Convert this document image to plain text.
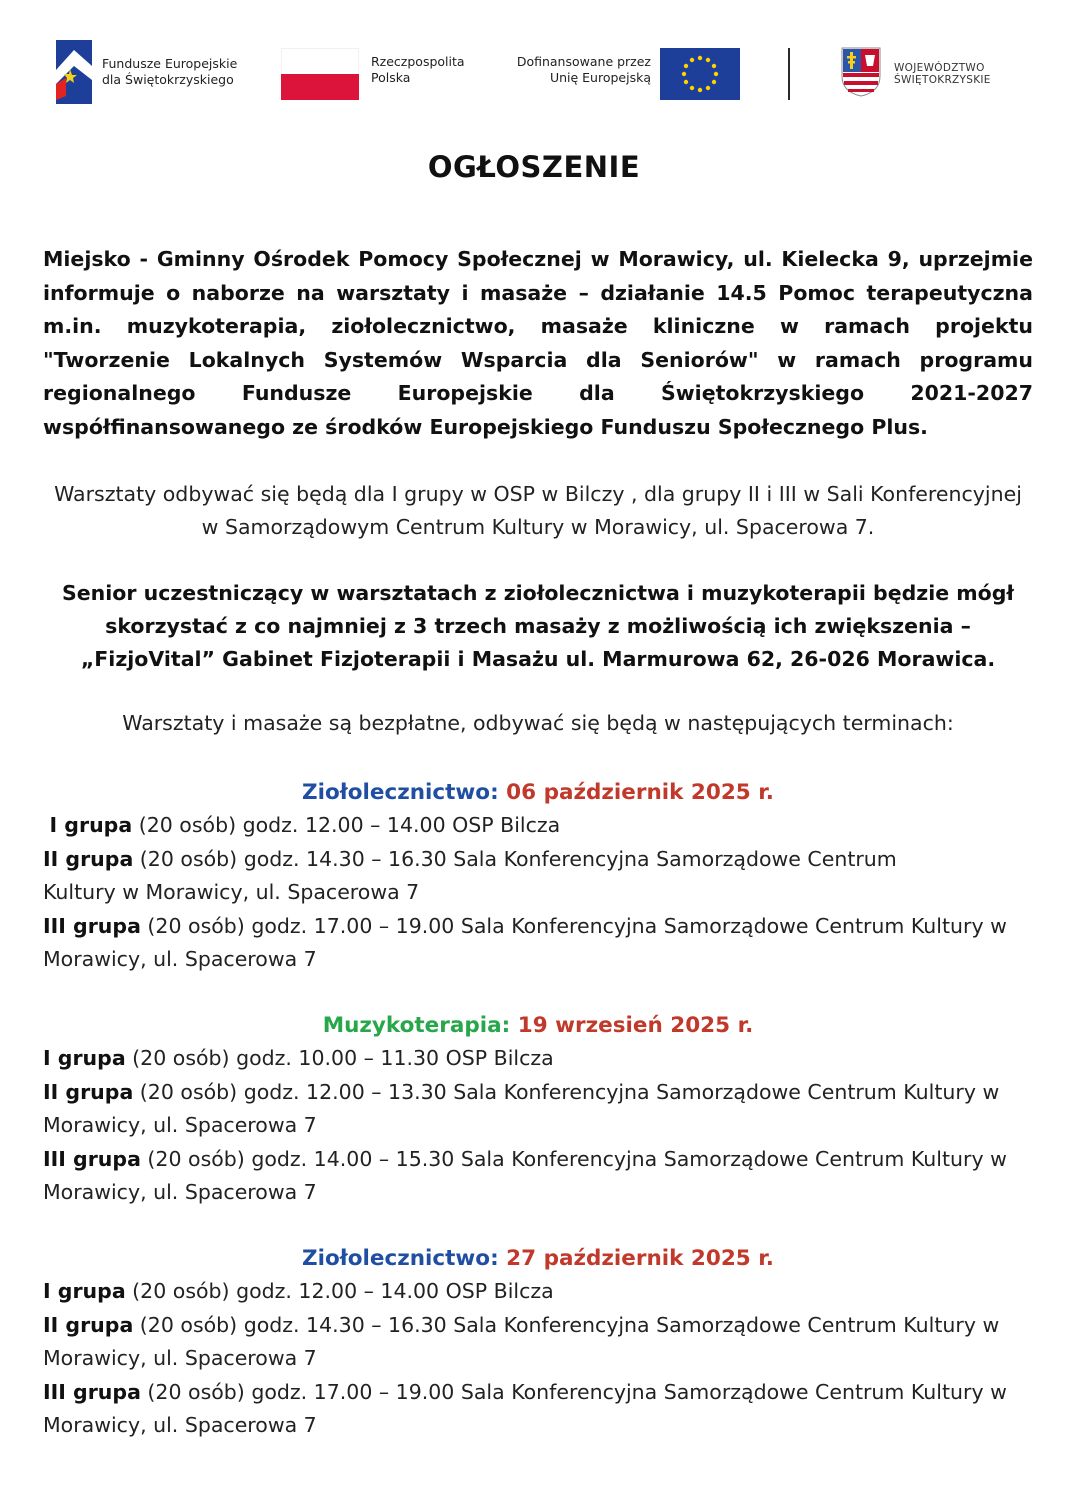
Fundusze Europejskie
dla Świętokrzyskiego
Rzeczpospolita
Polska
Dofinansowane przez
Unię Europejską
WOJEWÓDZTWO
ŚWIĘTOKRZYSKIE
OGŁOSZENIE

Miejsko - Gminny Ośrodek Pomocy Społecznej w Morawicy, ul. Kielecka 9, uprzejmie informuje o naborze na warsztaty i masaże – działanie 14.5 Pomoc terapeutyczna m.in. muzykoterapia, ziołolecznictwo, masaże kliniczne w ramach projektu "Tworzenie Lokalnych Systemów Wsparcia dla Seniorów" w ramach programu regionalnego Fundusze Europejskie dla Świętokrzyskiego 2021-2027 współfinansowanego ze środków Europejskiego Funduszu Społecznego Plus.

Warsztaty odbywać się będą dla I grupy w OSP w Bilczy , dla grupy II i III w Sali Konferencyjnej w Samorządowym Centrum Kultury w Morawicy, ul. Spacerowa 7.

Senior uczestniczący w warsztatach z ziołolecznictwa i muzykoterapii będzie mógł skorzystać z co najmniej z 3 trzech masaży z możliwością ich zwiększenia – „FizjoVital” Gabinet Fizjoterapii i Masażu ul. Marmurowa 62, 26-026 Morawica.

Warsztaty i masaże są bezpłatne, odbywać się będą w następujących terminach:

Ziołolecznictwo: 06 październik 2025 r.

I grupa (20 osób) godz. 12.00 – 14.00 OSP Bilcza

II grupa (20 osób) godz. 14.30 – 16.30 Sala Konferencyjna Samorządowe Centrum Kultury w Morawicy, ul. Spacerowa 7

III grupa (20 osób) godz. 17.00 – 19.00 Sala Konferencyjna Samorządowe Centrum Kultury w Morawicy, ul. Spacerowa 7

Muzykoterapia: 19 wrzesień 2025 r.

I grupa (20 osób) godz. 10.00 – 11.30 OSP Bilcza

II grupa (20 osób) godz. 12.00 – 13.30 Sala Konferencyjna Samorządowe Centrum Kultury w Morawicy, ul. Spacerowa 7

III grupa (20 osób) godz. 14.00 – 15.30 Sala Konferencyjna Samorządowe Centrum Kultury w Morawicy, ul. Spacerowa 7

Ziołolecznictwo: 27 październik 2025 r.

I grupa (20 osób) godz. 12.00 – 14.00 OSP Bilcza

II grupa (20 osób) godz. 14.30 – 16.30 Sala Konferencyjna Samorządowe Centrum Kultury w Morawicy, ul. Spacerowa 7

III grupa (20 osób) godz. 17.00 – 19.00 Sala Konferencyjna Samorządowe Centrum Kultury w Morawicy, ul. Spacerowa 7
